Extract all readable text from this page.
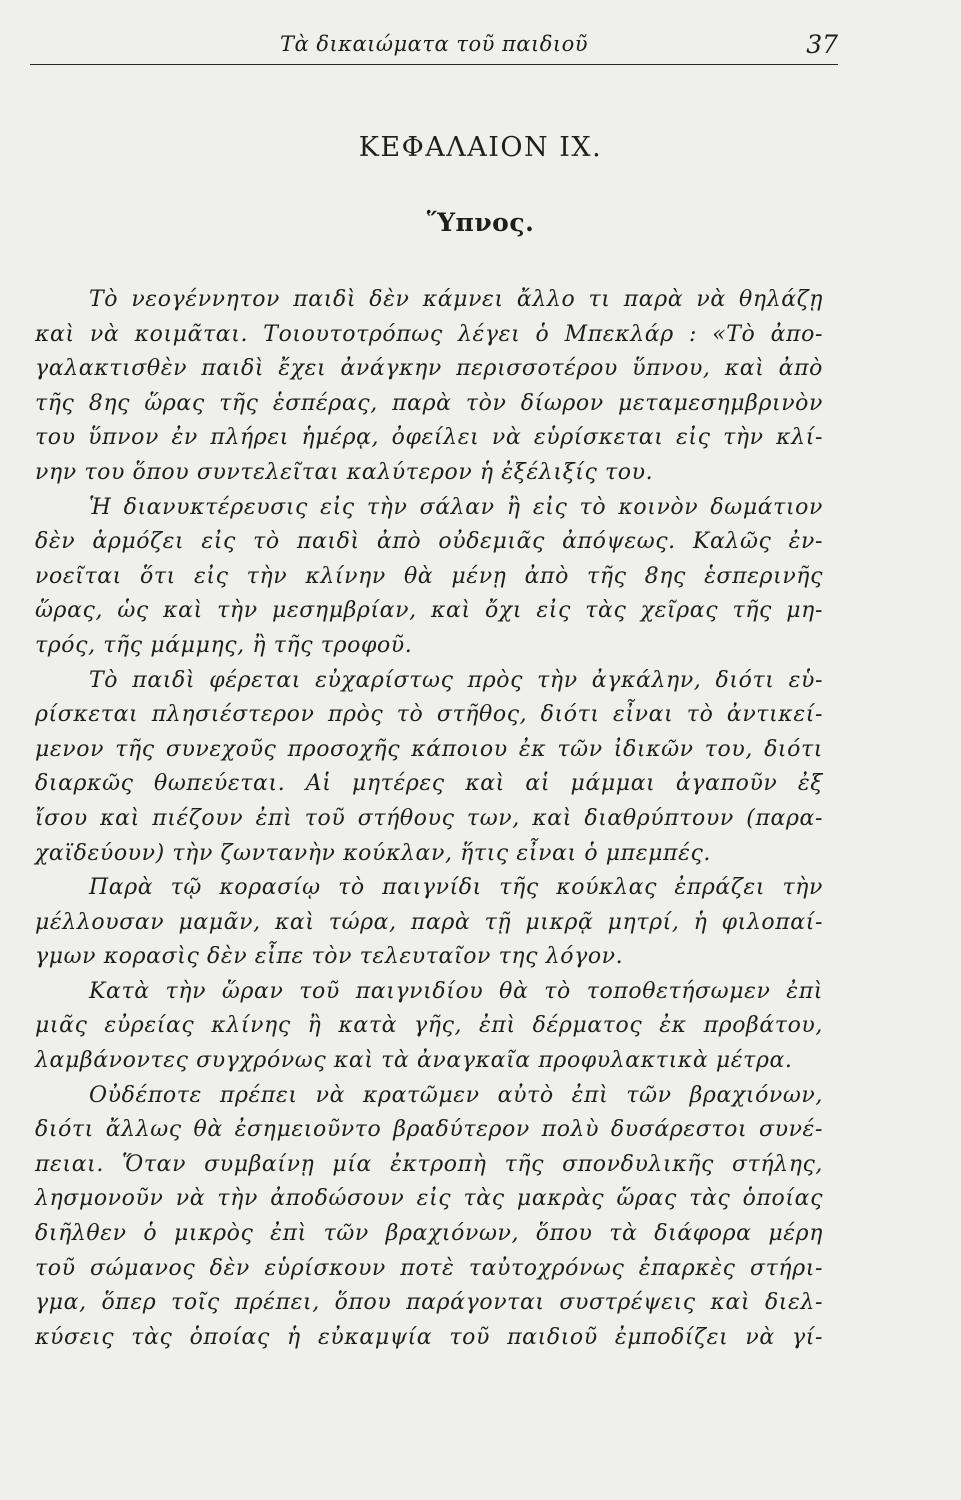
Τὰ δικαιώματα τοῦ παιδιοῦ	37
ΚΕΦΑΛΑΙΟΝ ΙΧ.
Ὕπνος.
Τὸ νεογέννητον παιδὶ δὲν κάμνει ἄλλο τι παρὰ νὰ θηλάζῃ
καὶ νὰ κοιμᾶται. Τοιουτοτρόπως λέγει ὁ Μπεκλάρ : «Τὸ ἀπο-
γαλακτισθὲν παιδὶ ἔχει ἀνάγκην περισσοτέρου ὕπνου, καὶ ἀπὸ
τῆς 8ης ὥρας τῆς ἑσπέρας, παρὰ τὸν δίωρον μεταμεσημβρινὸν
του ὕπνον ἐν πλήρει ἡμέρᾳ, ὀφείλει νὰ εὑρίσκεται εἰς τὴν κλί-
νην του ὅπου συντελεῖται καλύτερον ἡ ἐξέλιξίς του.
Ἡ διανυκτέρευσις εἰς τὴν σάλαν ἢ εἰς τὸ κοινὸν δωμάτιον
δὲν ἁρμόζει εἰς τὸ παιδὶ ἀπὸ οὐδεμιᾶς ἀπόψεως. Καλῶς ἐν-
νοεῖται ὅτι εἰς τὴν κλίνην θὰ μένῃ ἀπὸ τῆς 8ης ἑσπερινῆς
ὥρας, ὡς καὶ τὴν μεσημβρίαν, καὶ ὄχι εἰς τὰς χεῖρας τῆς μη-
τρός, τῆς μάμμης, ἢ τῆς τροφοῦ.
Τὸ παιδὶ φέρεται εὐχαρίστως πρὸς τὴν ἀγκάλην, διότι εὑ-
ρίσκεται πλησιέστερον πρὸς τὸ στῆθος, διότι εἶναι τὸ ἀντικεί-
μενον τῆς συνεχοῦς προσοχῆς κάποιου ἐκ τῶν ἰδικῶν του, διότι
διαρκῶς θωπεύεται. Αἱ μητέρες καὶ αἱ μάμμαι ἀγαποῦν ἐξ
ἴσου καὶ πιέζουν ἐπὶ τοῦ στήθους των, καὶ διαθρύπτουν (παρα-
χαϊδεύουν) τὴν ζωντανὴν κούκλαν, ἥτις εἶναι ὁ μπεμπές.
Παρὰ τῷ κορασίῳ τὸ παιγνίδι τῆς κούκλας ἐπράζει τὴν
μέλλουσαν μαμᾶν, καὶ τώρα, παρὰ τῇ μικρᾷ μητρί, ἡ φιλοπαί-
γμων κορασὶς δὲν εἶπε τὸν τελευταῖον της λόγον.
Κατὰ τὴν ὥραν τοῦ παιγνιδίου θὰ τὸ τοποθετήσωμεν ἐπὶ
μιᾶς εὐρείας κλίνης ἢ κατὰ γῆς, ἐπὶ δέρματος ἐκ προβάτου,
λαμβάνοντες συγχρόνως καὶ τὰ ἀναγκαῖα προφυλακτικὰ μέτρα.
Οὐδέποτε πρέπει νὰ κρατῶμεν αὐτὸ ἐπὶ τῶν βραχιόνων,
διότι ἄλλως θὰ ἐσημειοῦντο βραδύτερον πολὺ δυσάρεστοι συνέ-
πειαι. Ὅταν συμβαίνῃ μία ἐκτροπὴ τῆς σπονδυλικῆς στήλης,
λησμονοῦν νὰ τὴν ἀποδώσουν εἰς τὰς μακρὰς ὥρας τὰς ὁποίας
διῆλθεν ὁ μικρὸς ἐπὶ τῶν βραχιόνων, ὅπου τὰ διάφορα μέρη
τοῦ σώμανος δὲν εὑρίσκουν ποτὲ ταὐτοχρόνως ἐπαρκὲς στήρι-
γμα, ὅπερ τοῖς πρέπει, ὅπου παράγονται συστρέψεις καὶ διελ-
κύσεις τὰς ὁποίας ἡ εὐκαμψία τοῦ παιδιοῦ ἐμποδίζει νὰ γί-
